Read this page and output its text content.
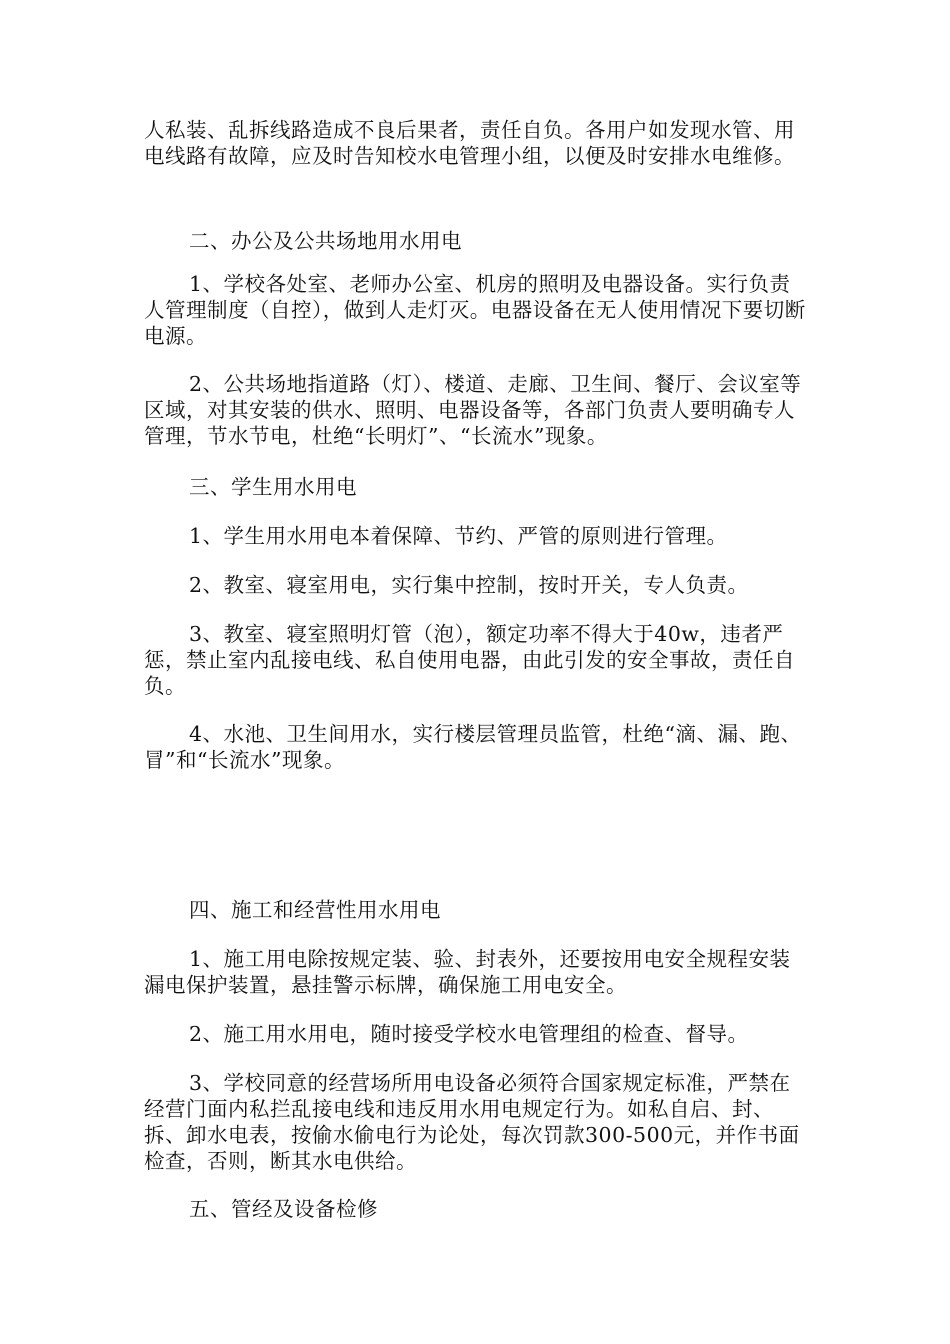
人私装、乱拆线路造成不良后果者，责任自负。各用户如发现水管、用电线路有故障，应及时告知校水电管理小组，以便及时安排水电维修。

二、办公及公共场地用水用电

1、学校各处室、老师办公室、机房的照明及电器设备。实行负责人管理制度（自控），做到人走灯灭。电器设备在无人使用情况下要切断电源。

2、公共场地指道路（灯）、楼道、走廊、卫生间、餐厅、会议室等区域，对其安装的供水、照明、电器设备等，各部门负责人要明确专人管理，节水节电，杜绝“长明灯”、“长流水”现象。

三、学生用水用电

1、学生用水用电本着保障、节约、严管的原则进行管理。

2、教室、寝室用电，实行集中控制，按时开关，专人负责。

3、教室、寝室照明灯管（泡），额定功率不得大于40w，违者严惩，禁止室内乱接电线、私自使用电器，由此引发的安全事故，责任自负。

4、水池、卫生间用水，实行楼层管理员监管，杜绝“滴、漏、跑、冒”和“长流水”现象。

四、施工和经营性用水用电

1、施工用电除按规定装、验、封表外，还要按用电安全规程安装漏电保护装置，悬挂警示标牌，确保施工用电安全。

2、施工用水用电，随时接受学校水电管理组的检查、督导。

3、学校同意的经营场所用电设备必须符合国家规定标准，严禁在经营门面内私拦乱接电线和违反用水用电规定行为。如私自启、封、拆、卸水电表，按偷水偷电行为论处，每次罚款300-500元，并作书面检查，否则，断其水电供给。

五、管经及设备检修
